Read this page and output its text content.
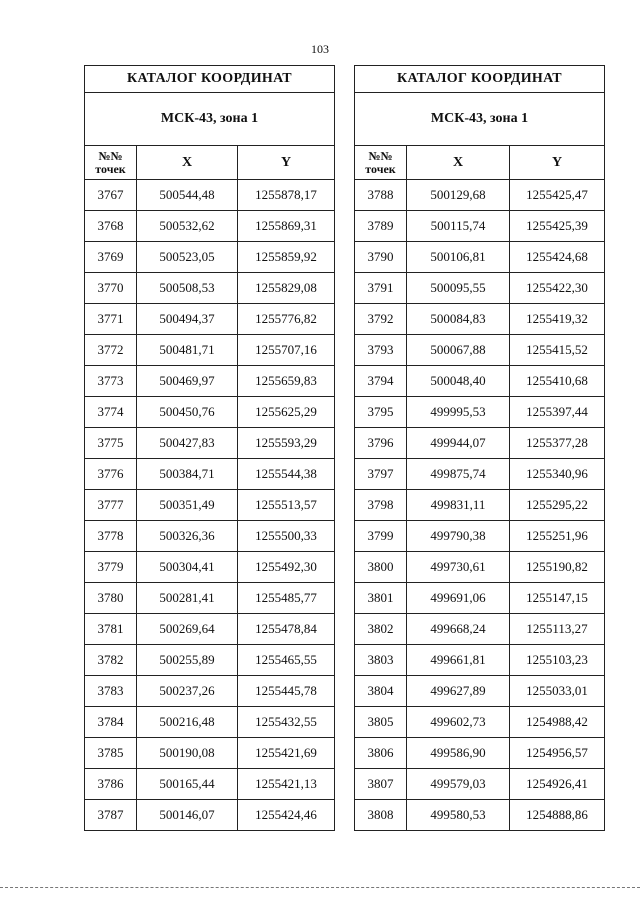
103
КАТАЛОГ КООРДИНАТ		
МСК-43, зона 1		

№№
точек	X	Y
3767	500544,48	1255878,17
3768	500532,62	1255869,31
3769	500523,05	1255859,92
3770	500508,53	1255829,08
3771	500494,37	1255776,82
3772	500481,71	1255707,16
3773	500469,97	1255659,83
3774	500450,76	1255625,29
3775	500427,83	1255593,29
3776	500384,71	1255544,38
3777	500351,49	1255513,57
3778	500326,36	1255500,33
3779	500304,41	1255492,30
3780	500281,41	1255485,77
3781	500269,64	1255478,84
3782	500255,89	1255465,55
3783	500237,26	1255445,78
3784	500216,48	1255432,55
3785	500190,08	1255421,69
3786	500165,44	1255421,13
3787	500146,07	1255424,46
КАТАЛОГ КООРДИНАТ		
МСК-43, зона 1		

№№
точек	X	Y
3788	500129,68	1255425,47
3789	500115,74	1255425,39
3790	500106,81	1255424,68
3791	500095,55	1255422,30
3792	500084,83	1255419,32
3793	500067,88	1255415,52
3794	500048,40	1255410,68
3795	499995,53	1255397,44
3796	499944,07	1255377,28
3797	499875,74	1255340,96
3798	499831,11	1255295,22
3799	499790,38	1255251,96
3800	499730,61	1255190,82
3801	499691,06	1255147,15
3802	499668,24	1255113,27
3803	499661,81	1255103,23
3804	499627,89	1255033,01
3805	499602,73	1254988,42
3806	499586,90	1254956,57
3807	499579,03	1254926,41
3808	499580,53	1254888,86
